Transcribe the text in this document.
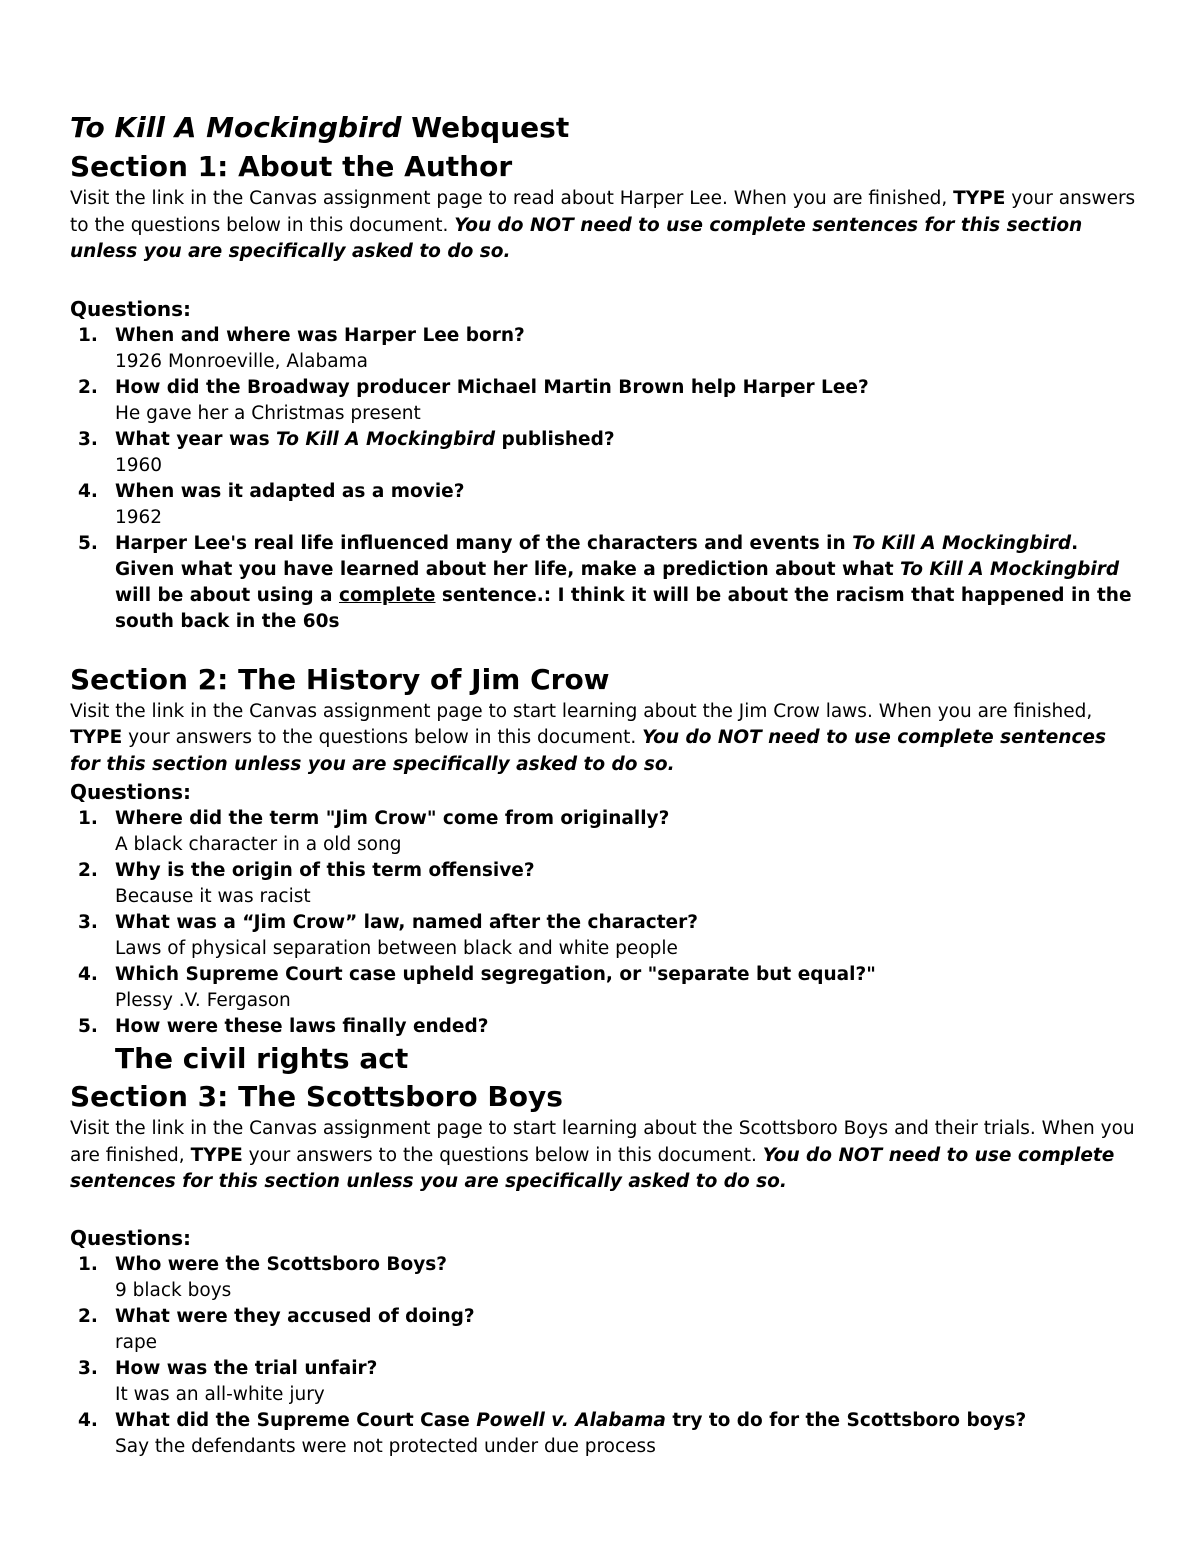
To Kill A Mockingbird Webquest
Section 1: About the Author

Visit the link in the Canvas assignment page to read about Harper Lee. When you are finished, TYPE your answers to the questions below in this document. You do NOT need to use complete sentences for this section unless you are specifically asked to do so.

Questions:
1. When and where was Harper Lee born?

1926 Monroeville, Alabama

2. How did the Broadway producer Michael Martin Brown help Harper Lee?

He gave her a Christmas present

3. What year was To Kill A Mockingbird published?

1960

4. When was it adapted as a movie?

1962

5. Harper Lee's real life influenced many of the characters and events in To Kill A Mockingbird. Given what you have learned about her life, make a prediction about what To Kill A Mockingbird will be about using a complete sentence.: I think it will be about the racism that happened in the south back in the 60s

Section 2: The History of Jim Crow

Visit the link in the Canvas assignment page to start learning about the Jim Crow laws. When you are finished, TYPE your answers to the questions below in this document. You do NOT need to use complete sentences for this section unless you are specifically asked to do so.

Questions:
1. Where did the term "Jim Crow" come from originally?

A black character in a old song

2. Why is the origin of this term offensive?

Because it was racist

3. What was a “Jim Crow” law, named after the character?

Laws of physical separation between black and white people

4. Which Supreme Court case upheld segregation, or "separate but equal?"

Plessy .V. Fergason

5. How were these laws finally ended?

The civil rights act

Section 3: The Scottsboro Boys

Visit the link in the Canvas assignment page to start learning about the Scottsboro Boys and their trials. When you are finished, TYPE your answers to the questions below in this document. You do NOT need to use complete sentences for this section unless you are specifically asked to do so.

Questions:
1. Who were the Scottsboro Boys?

9 black boys

2. What were they accused of doing?

rape

3. How was the trial unfair?

It was an all-white jury

4. What did the Supreme Court Case Powell v. Alabama try to do for the Scottsboro boys?

Say the defendants were not protected under due process
